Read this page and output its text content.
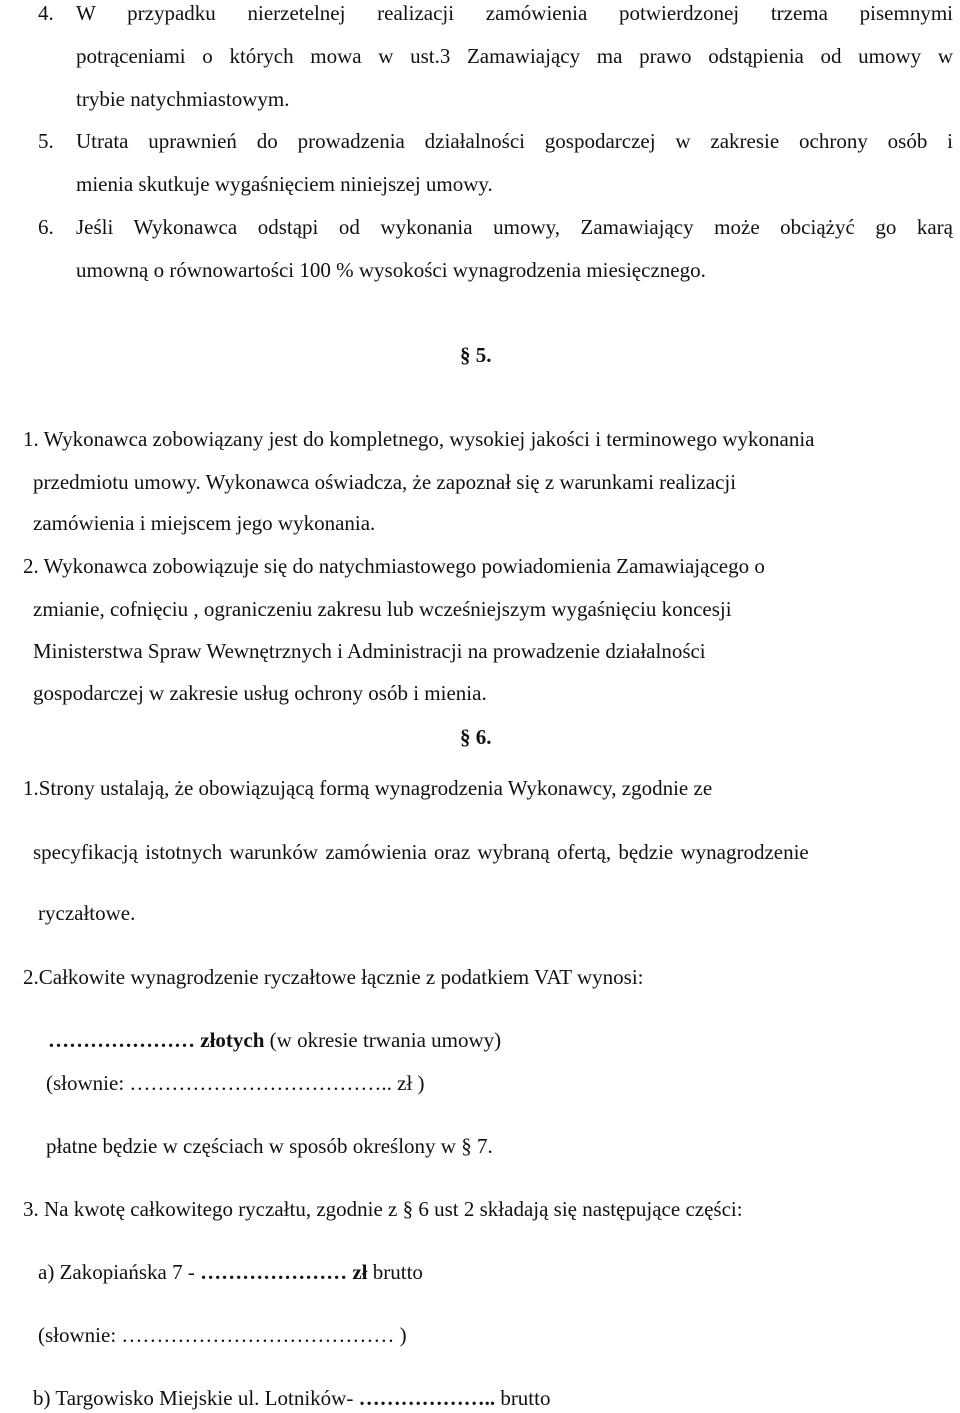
4. W przypadku nierzetelnej realizacji zamówienia potwierdzonej trzema pisemnymi
potrąceniami o których mowa w ust.3 Zamawiający ma prawo odstąpienia od umowy w
trybie natychmiastowym.
5. Utrata uprawnień do prowadzenia działalności gospodarczej w zakresie ochrony osób i
mienia skutkuje wygaśnięciem niniejszej umowy.
6. Jeśli Wykonawca odstąpi od wykonania umowy, Zamawiający może obciążyć go karą
umowną o równowartości 100 % wysokości wynagrodzenia miesięcznego.
§ 5.
1. Wykonawca zobowiązany jest do kompletnego, wysokiej jakości i terminowego wykonania
przedmiotu umowy. Wykonawca oświadcza, że zapoznał się z warunkami realizacji
zamówienia i miejscem jego wykonania.
2. Wykonawca zobowiązuje się do natychmiastowego powiadomienia Zamawiającego o
zmianie, cofnięciu , ograniczeniu zakresu lub wcześniejszym wygaśnięciu koncesji
Ministerstwa Spraw Wewnętrznych i Administracji na prowadzenie działalności
gospodarczej w zakresie usług ochrony osób i mienia.
§ 6.
1.Strony ustalają, że obowiązującą formą wynagrodzenia Wykonawcy, zgodnie ze
specyfikacją istotnych warunków zamówienia oraz wybraną ofertą, będzie wynagrodzenie
ryczałtowe.
2.Całkowite wynagrodzenie ryczałtowe łącznie z podatkiem VAT wynosi:
………………… złotych (w okresie trwania umowy)
(słownie: ……………………………….. zł )
płatne będzie w częściach w sposób określony w § 7.
3. Na kwotę całkowitego ryczałtu, zgodnie z § 6 ust 2 składają się następujące części:
a) Zakopiańska 7 - ………………… zł brutto
(słownie: ………………………………… )
b) Targowisko Miejskie ul. Lotników- ……………….. brutto
